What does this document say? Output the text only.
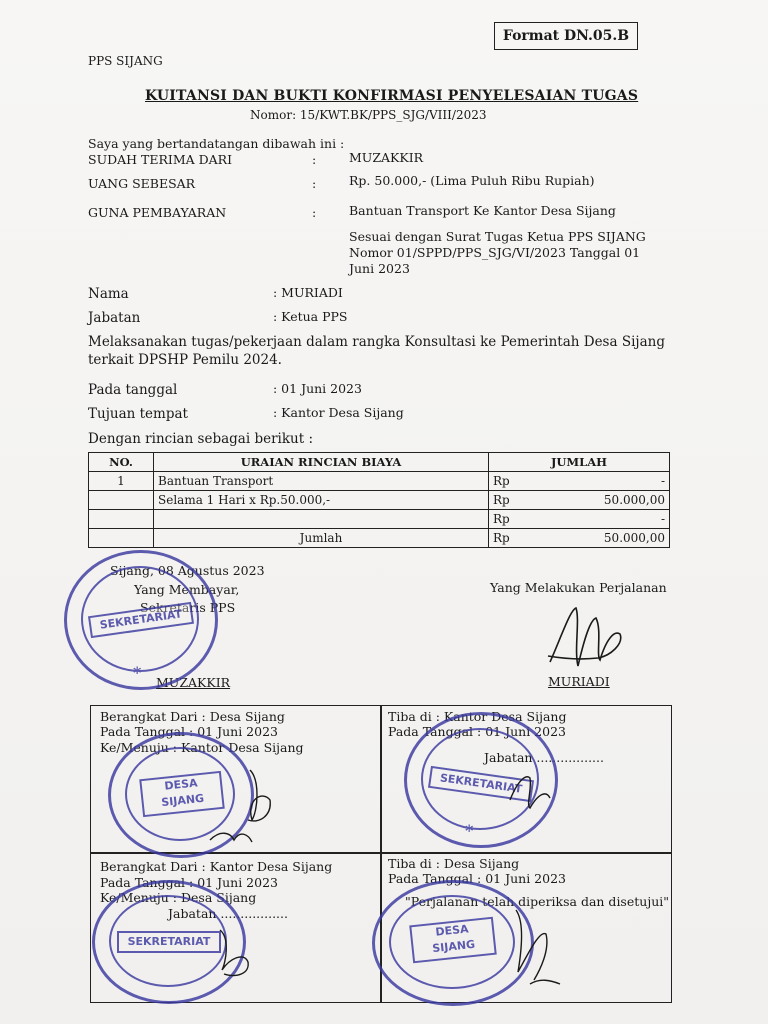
Format DN.05.B
PPS SIJANG
KUITANSI DAN BUKTI KONFIRMASI PENYELESAIAN TUGAS
Nomor: 15/KWT.BK/PPS_SJG/VIII/2023
Saya yang bertandatangan dibawah ini :
SUDAH TERIMA DARI	:	MUZAKKIR
UANG SEBESAR	:	Rp. 50.000,- (Lima Puluh Ribu Rupiah)
GUNA PEMBAYARAN	:	Bantuan Transport Ke Kantor Desa Sijang
Sesuai dengan Surat Tugas Ketua PPS SIJANG
Nomor 01/SPPD/PPS_SJG/VI/2023 Tanggal 01
Juni 2023
Nama	: MURIADI
Jabatan	: Ketua PPS
Melaksanakan tugas/pekerjaan dalam rangka Konsultasi ke Pemerintah Desa Sijang
terkait DPSHP Pemilu 2024.
Pada tanggal	: 01 Juni 2023
Tujuan tempat	: Kantor Desa Sijang
Dengan rincian sebagai berikut :
NO.	URAIAN RINCIAN BIAYA	JUMLAH	
1	Bantuan Transport	Rp	-
	Selama 1 Hari x Rp.50.000,-	Rp	50.000,00
		Rp	-
	Jumlah	Rp	50.000,00
Sijang, 08 Agustus 2023
Yang Membayar,
Sekretaris PPS
MUZAKKIR
Yang Melakukan Perjalanan
MURIADI
SEKRETARIAT
*
Berangkat Dari : Desa Sijang
Pada Tanggal : 01 Juni 2023
Ke/Menuju : Kantor Desa Sijang
Tiba di : Kantor Desa Sijang
Pada Tanggal : 01 Juni 2023
Jabatan .................
Berangkat Dari : Kantor Desa Sijang
Pada Tanggal : 01 Juni 2023
Ke/Menuju : Desa Sijang
Jabatan .................
Tiba di : Desa Sijang
Pada Tanggal : 01 Juni 2023
"Perjalanan telah diperiksa dan disetujui"
DESA
SIJANG
SEKRETARIAT
*
SEKRETARIAT
DESA
SIJANG
